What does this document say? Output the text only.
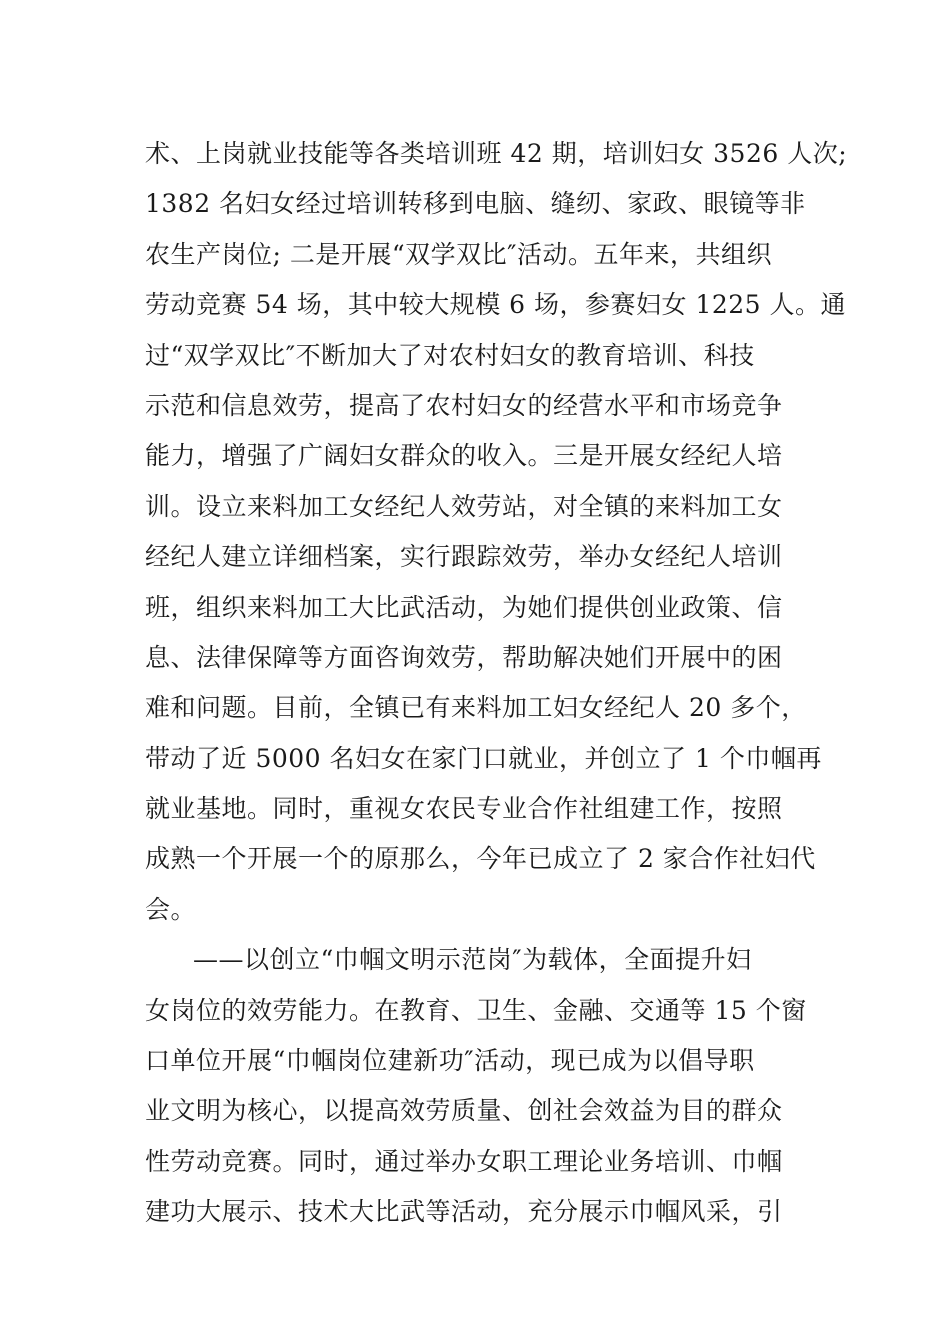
术、上岗就业技能等各类培训班 42 期，培训妇女 3526 人次;
1382 名妇女经过培训转移到电脑、缝纫、家政、眼镜等非
农生产岗位; 二是开展“双学双比″活动。五年来，共组织
劳动竞赛 54 场，其中较大规模 6 场，参赛妇女 1225 人。通
过“双学双比″不断加大了对农村妇女的教育培训、科技
示范和信息效劳，提高了农村妇女的经营水平和市场竞争
能力，增强了广阔妇女群众的收入。三是开展女经纪人培
训。设立来料加工女经纪人效劳站，对全镇的来料加工女
经纪人建立详细档案，实行跟踪效劳，举办女经纪人培训
班，组织来料加工大比武活动，为她们提供创业政策、信
息、法律保障等方面咨询效劳，帮助解决她们开展中的困
难和问题。目前，全镇已有来料加工妇女经纪人 20 多个，
带动了近 5000 名妇女在家门口就业，并创立了 1 个巾帼再
就业基地。同时，重视女农民专业合作社组建工作，按照
成熟一个开展一个的原那么，今年已成立了 2 家合作社妇代
会。
——以创立“巾帼文明示范岗″为载体，全面提升妇
女岗位的效劳能力。在教育、卫生、金融、交通等 15 个窗
口单位开展“巾帼岗位建新功″活动，现已成为以倡导职
业文明为核心，以提高效劳质量、创社会效益为目的群众
性劳动竞赛。同时，通过举办女职工理论业务培训、巾帼
建功大展示、技术大比武等活动，充分展示巾帼风采，引
